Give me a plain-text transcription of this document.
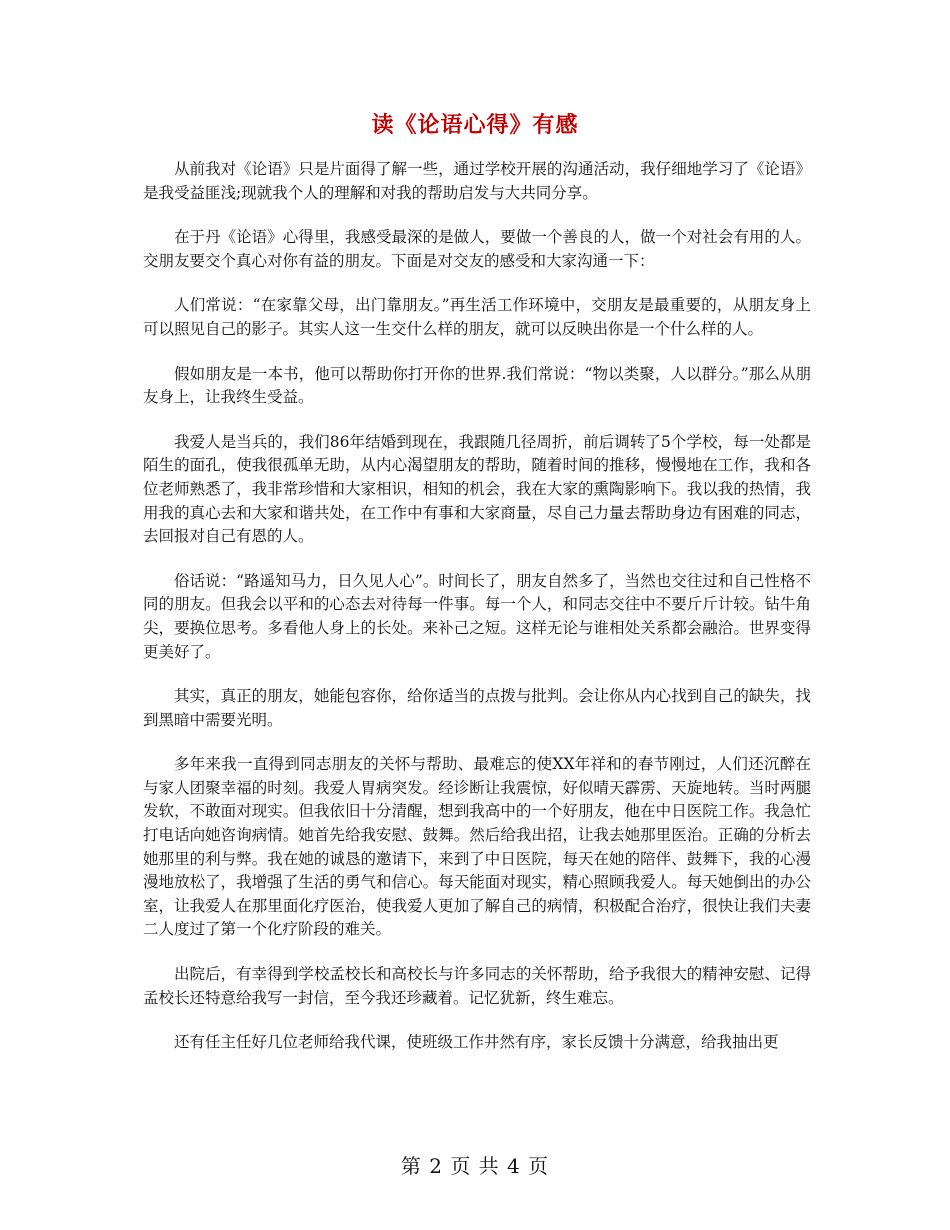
读《论语心得》有感

从前我对《论语》只是片面得了解一些，通过学校开展的沟通活动，我仔细地学习了《论语》是我受益匪浅;现就我个人的理解和对我的帮助启发与大共同分享。

在于丹《论语》心得里，我感受最深的是做人，要做一个善良的人，做一个对社会有用的人。交朋友要交个真心对你有益的朋友。下面是对交友的感受和大家沟通一下：

人们常说：“在家靠父母，出门靠朋友。”再生活工作环境中，交朋友是最重要的，从朋友身上可以照见自己的影子。其实人这一生交什么样的朋友，就可以反映出你是一个什么样的人。

假如朋友是一本书，他可以帮助你打开你的世界.我们常说：“物以类聚，人以群分。”那么从朋友身上，让我终生受益。

我爱人是当兵的，我们86年结婚到现在，我跟随几径周折，前后调转了5个学校，每一处都是陌生的面孔，使我很孤单无助，从内心渴望朋友的帮助，随着时间的推移，慢慢地在工作，我和各位老师熟悉了，我非常珍惜和大家相识，相知的机会，我在大家的熏陶影响下。我以我的热情，我用我的真心去和大家和谐共处，在工作中有事和大家商量，尽自己力量去帮助身边有困难的同志，去回报对自己有恩的人。

俗话说：“路遥知马力，日久见人心”。时间长了，朋友自然多了，当然也交往过和自己性格不同的朋友。但我会以平和的心态去对待每一件事。每一个人，和同志交往中不要斤斤计较。钻牛角尖，要换位思考。多看他人身上的长处。来补己之短。这样无论与谁相处关系都会融洽。世界变得更美好了。

其实，真正的朋友，她能包容你，给你适当的点拨与批判。会让你从内心找到自己的缺失，找到黑暗中需要光明。

多年来我一直得到同志朋友的关怀与帮助、最难忘的使XX年祥和的春节刚过，人们还沉醉在与家人团聚幸福的时刻。我爱人胃病突发。经诊断让我震惊，好似晴天霹雳、天旋地转。当时两腿发软，不敢面对现实。但我依旧十分清醒，想到我高中的一个好朋友，他在中日医院工作。我急忙打电话向她咨询病情。她首先给我安慰、鼓舞。然后给我出招，让我去她那里医治。正确的分析去她那里的利与弊。我在她的诚恳的邀请下，来到了中日医院，每天在她的陪伴、鼓舞下，我的心漫漫地放松了，我增强了生活的勇气和信心。每天能面对现实，精心照顾我爱人。每天她倒出的办公室，让我爱人在那里面化疗医治，使我爱人更加了解自己的病情，积极配合治疗，很快让我们夫妻二人度过了第一个化疗阶段的难关。

出院后，有幸得到学校孟校长和高校长与许多同志的关怀帮助，给予我很大的精神安慰、记得孟校长还特意给我写一封信，至今我还珍藏着。记忆犹新，终生难忘。

还有任主任好几位老师给我代课，使班级工作井然有序，家长反馈十分满意，给我抽出更

第 2 页 共 4 页
